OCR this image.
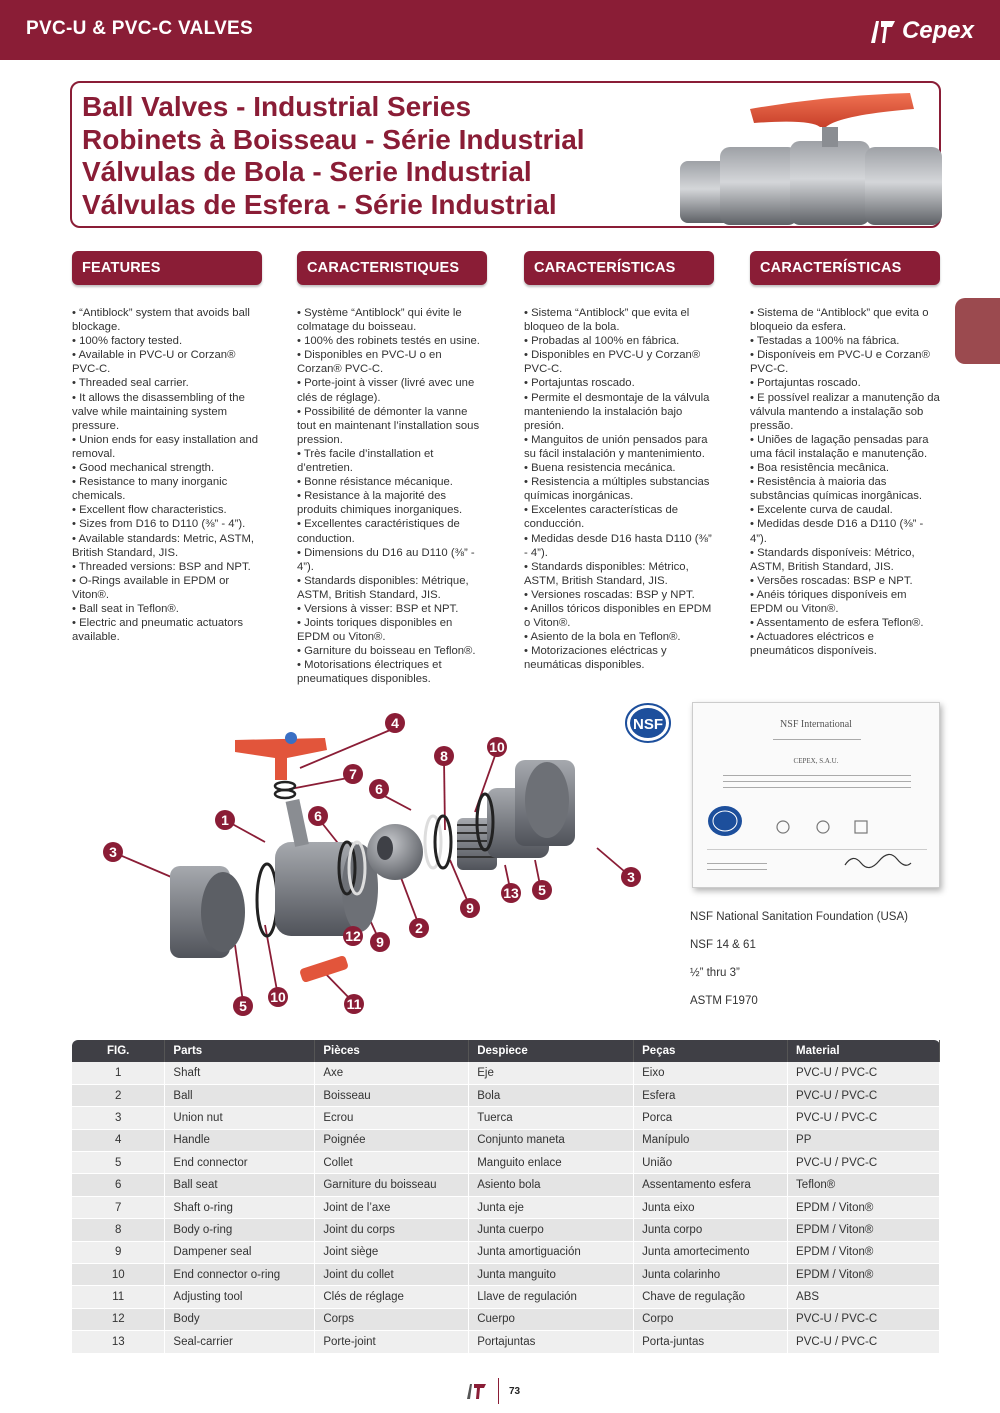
PVC-U & PVC-C VALVES	Cepex
Ball Valves - Industrial Series
Robinets à Boisseau - Série Industrial
Válvulas de Bola - Serie Industrial
Válvulas de Esfera - Série Industrial
FEATURES	CARACTERISTIQUES	CARACTERÍSTICAS	CARACTERÍSTICAS
• “Antiblock” system that avoids ball blockage.
• 100% factory tested.
• Available in PVC-U or Corzan® PVC-C.
• Threaded seal carrier.
• It allows the disassembling of the valve while maintaining system pressure.
• Union ends for easy installation and removal.
• Good mechanical strength.
• Resistance to many inorganic chemicals.
• Excellent flow characteristics.
• Sizes from D16 to D110 (⅜” - 4”).
• Available standards: Metric, ASTM, British Standard, JIS.
• Threaded versions: BSP and NPT.
• O-Rings available in EPDM or Viton®.
• Ball seat in Teflon®.
• Electric and pneumatic actuators available.
• Système “Antiblock” qui évite le colmatage du boisseau.
• 100% des robinets testés en usine.
• Disponibles en PVC-U o en Corzan® PVC-C.
• Porte-joint à visser (livré avec une clés de réglage).
• Possibilité de démonter la vanne tout en maintenant l’installation sous pression.
• Très facile d’installation et d’entretien.
• Bonne résistance mécanique.
• Resistance à la majorité des produits chimiques inorganiques.
• Excellentes caractéristiques de conduction.
• Dimensions du D16 au D110 (⅜” - 4”).
• Standards disponibles: Métrique, ASTM, British Standard, JIS.
• Versions à visser: BSP et NPT.
• Joints toriques disponibles en EPDM ou Viton®.
• Garniture du boisseau en Teflon®.
• Motorisations électriques et pneumatiques disponibles.
• Sistema “Antiblock” que evita el bloqueo de la bola.
• Probadas al 100% en fábrica.
• Disponibles en PVC-U y Corzan® PVC-C.
• Portajuntas roscado.
• Permite el desmontaje de la válvula manteniendo la instalación bajo presión.
• Manguitos de unión pensados para su fácil instalación y mantenimiento.
• Buena resistencia mecánica.
• Resistencia a múltiples substancias químicas inorgánicas.
• Excelentes características de conducción.
• Medidas desde D16 hasta D110 (⅜” - 4”).
• Standards disponibles: Métrico, ASTM, British Standard, JIS.
• Versiones roscadas: BSP y NPT.
• Anillos tóricos disponibles en EPDM o Viton®.
• Asiento de la bola en Teflon®.
• Motorizaciones eléctricas y neumáticas disponibles.
• Sistema de “Antiblock” que evita o bloqueio da esfera.
• Testadas a 100% na fábrica.
• Disponíveis em PVC-U e Corzan® PVC-C.
• Portajuntas roscado.
• E possível realizar a manutenção da válvula mantendo a instalação sob pressão.
• Uniões de lagação pensadas para uma fácil instalação e manutenção.
• Boa resistência mecânica.
• Resistência à maioria das substâncias químicas inorgânicas.
• Excelente curva de caudal.
• Medidas desde D16 a D110 (⅜” - 4”).
• Standards disponíveis: Métrico, ASTM, British Standard, JIS.
• Versões roscadas: BSP e NPT.
• Anéis tóriques disponíveis em EPDM ou Viton®.
• Assentamento de esfera Teflon®.
• Actuadores eléctricos e pneumáticos disponíveis.
4
8
10
7
6
1	6
3
3
13 5
9
2
12 9
5
10	11
NSF	NSF International
CEPEX, S.A.U.
NSF National Sanitation Foundation (USA)
NSF 14 & 61
½” thru 3”
ASTM F1970
FIG.	Parts	Pièces	Despiece	Peças	Material
1	Shaft	Axe	Eje	Eixo	PVC-U / PVC-C
2	Ball	Boisseau	Bola	Esfera	PVC-U / PVC-C
3	Union nut	Ecrou	Tuerca	Porca	PVC-U / PVC-C
4	Handle	Poignée	Conjunto maneta	Manípulo	PP
5	End connector	Collet	Manguito enlace	União	PVC-U / PVC-C
6	Ball seat	Garniture du boisseau	Asiento bola	Assentamento esfera	Teflon®
7	Shaft o-ring	Joint de l’axe	Junta eje	Junta eixo	EPDM / Viton®
8	Body o-ring	Joint du corps	Junta cuerpo	Junta corpo	EPDM / Viton®
9	Dampener seal	Joint siège	Junta amortiguación	Junta amortecimento	EPDM / Viton®
10	End connector o-ring	Joint du collet	Junta manguito	Junta colarinho	EPDM / Viton®
11	Adjusting tool	Clés de réglage	Llave de regulación	Chave de regulação	ABS
12	Body	Corps	Cuerpo	Corpo	PVC-U / PVC-C
13	Seal-carrier	Porte-joint	Portajuntas	Porta-juntas	PVC-U / PVC-C
73
